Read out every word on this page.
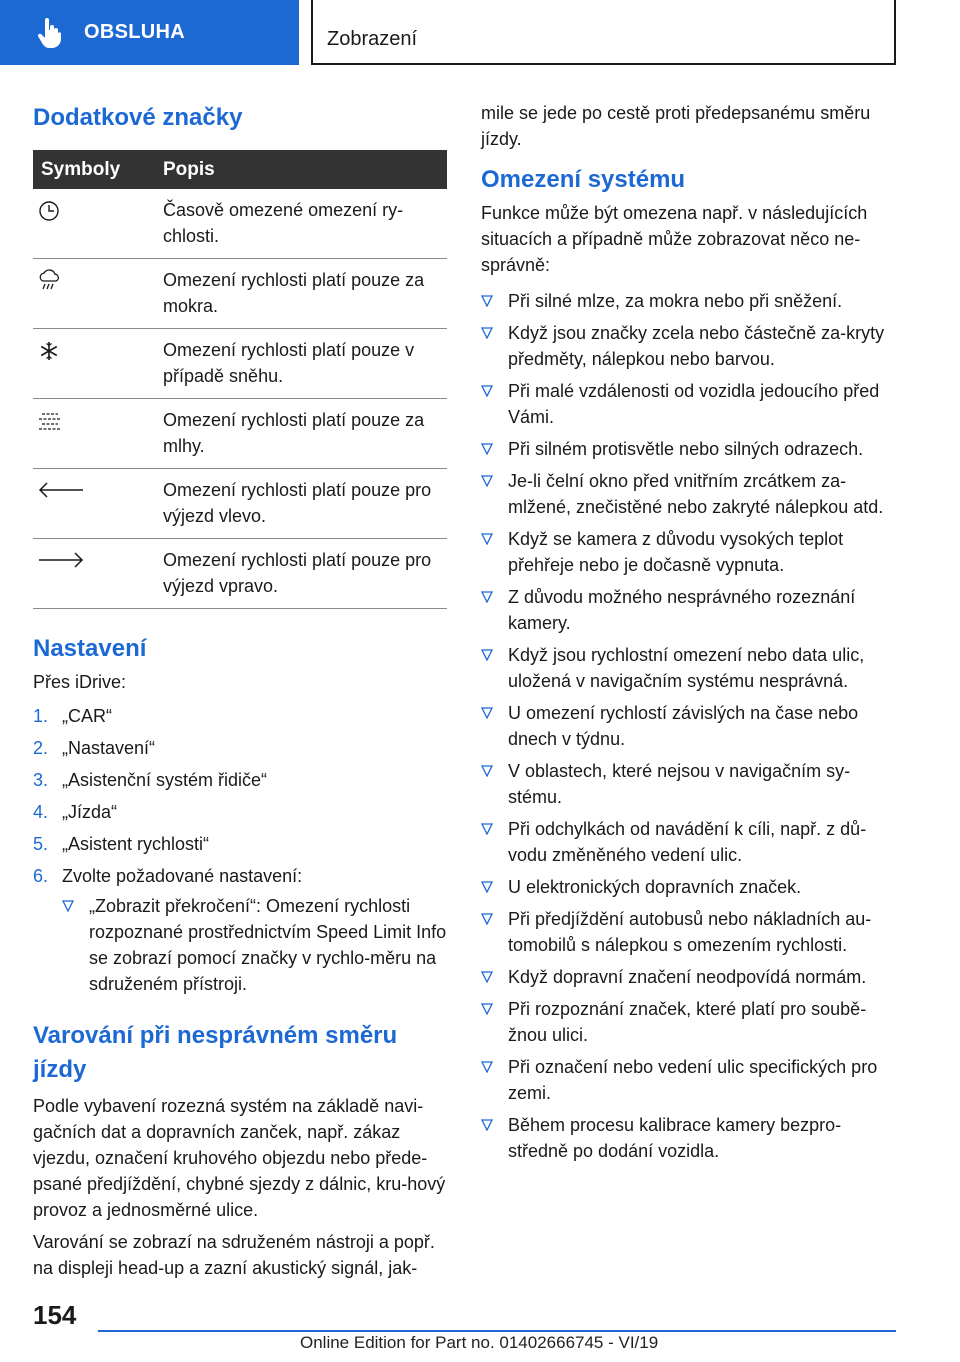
OBSLUHA	Zobrazení
Dodatkové značky
Symboly	Popis

	Časově omezené omezení ry-chlosti.

	Omezení rychlosti platí pouze za mokra.

	Omezení rychlosti platí pouze v případě sněhu.

	Omezení rychlosti platí pouze za mlhy.

	Omezení rychlosti platí pouze pro výjezd vlevo.

	Omezení rychlosti platí pouze pro výjezd vpravo.
Nastavení

Přes iDrive:

1. „CAR“
2. „Nastavení“
3. „Asistenční systém řidiče“
4. „Jízda“
5. „Asistent rychlosti“
6. Zvolte požadované nastavení:
„Zobrazit překročení“: Omezení rychlosti rozpoznané prostřednictvím Speed Limit Info se zobrazí pomocí značky v rychlo-měru na sdruženém přístroji.
Varování při nesprávném směru jízdy

Podle vybavení rozezná systém na základě navi-gačních dat a dopravních zanček, např. zákaz vjezdu, označení kruhového objezdu nebo přede-psané předjíždění, chybné sjezdy z dálnic, kru-hový provoz a jednosměrné ulice.

Varování se zobrazí na sdruženém nástroji a popř. na displeji head-up a zazní akustický signál, jak-

mile se jede po cestě proti předepsanému směru jízdy.

Omezení systému

Funkce může být omezena např. v následujících situacích a případně může zobrazovat něco ne-správně:

Při silné mlze, za mokra nebo při sněžení.
Když jsou značky zcela nebo částečně za-kryty předměty, nálepkou nebo barvou.
Při malé vzdálenosti od vozidla jedoucího před Vámi.
Při silném protisvětle nebo silných odrazech.
Je-li čelní okno před vnitřním zrcátkem za-mlžené, znečistěné nebo zakryté nálepkou atd.
Když se kamera z důvodu vysokých teplot přehřeje nebo je dočasně vypnuta.
Z důvodu možného nesprávného rozeznání kamery.
Když jsou rychlostní omezení nebo data ulic, uložená v navigačním systému nesprávná.
U omezení rychlostí závislých na čase nebo dnech v týdnu.
V oblastech, které nejsou v navigačním sy-stému.
Při odchylkách od navádění k cíli, např. z dů-vodu změněného vedení ulic.
U elektronických dopravních značek.
Při předjíždění autobusů nebo nákladních au-tomobilů s nálepkou s omezením rychlosti.
Když dopravní značení neodpovídá normám.
Při rozpoznání značek, které platí pro soubě-žnou ulici.
Při označení nebo vedení ulic specifických pro zemi.
Během procesu kalibrace kamery bezpro-středně po dodání vozidla.
154
Online Edition for Part no. 01402666745 - VI/19
